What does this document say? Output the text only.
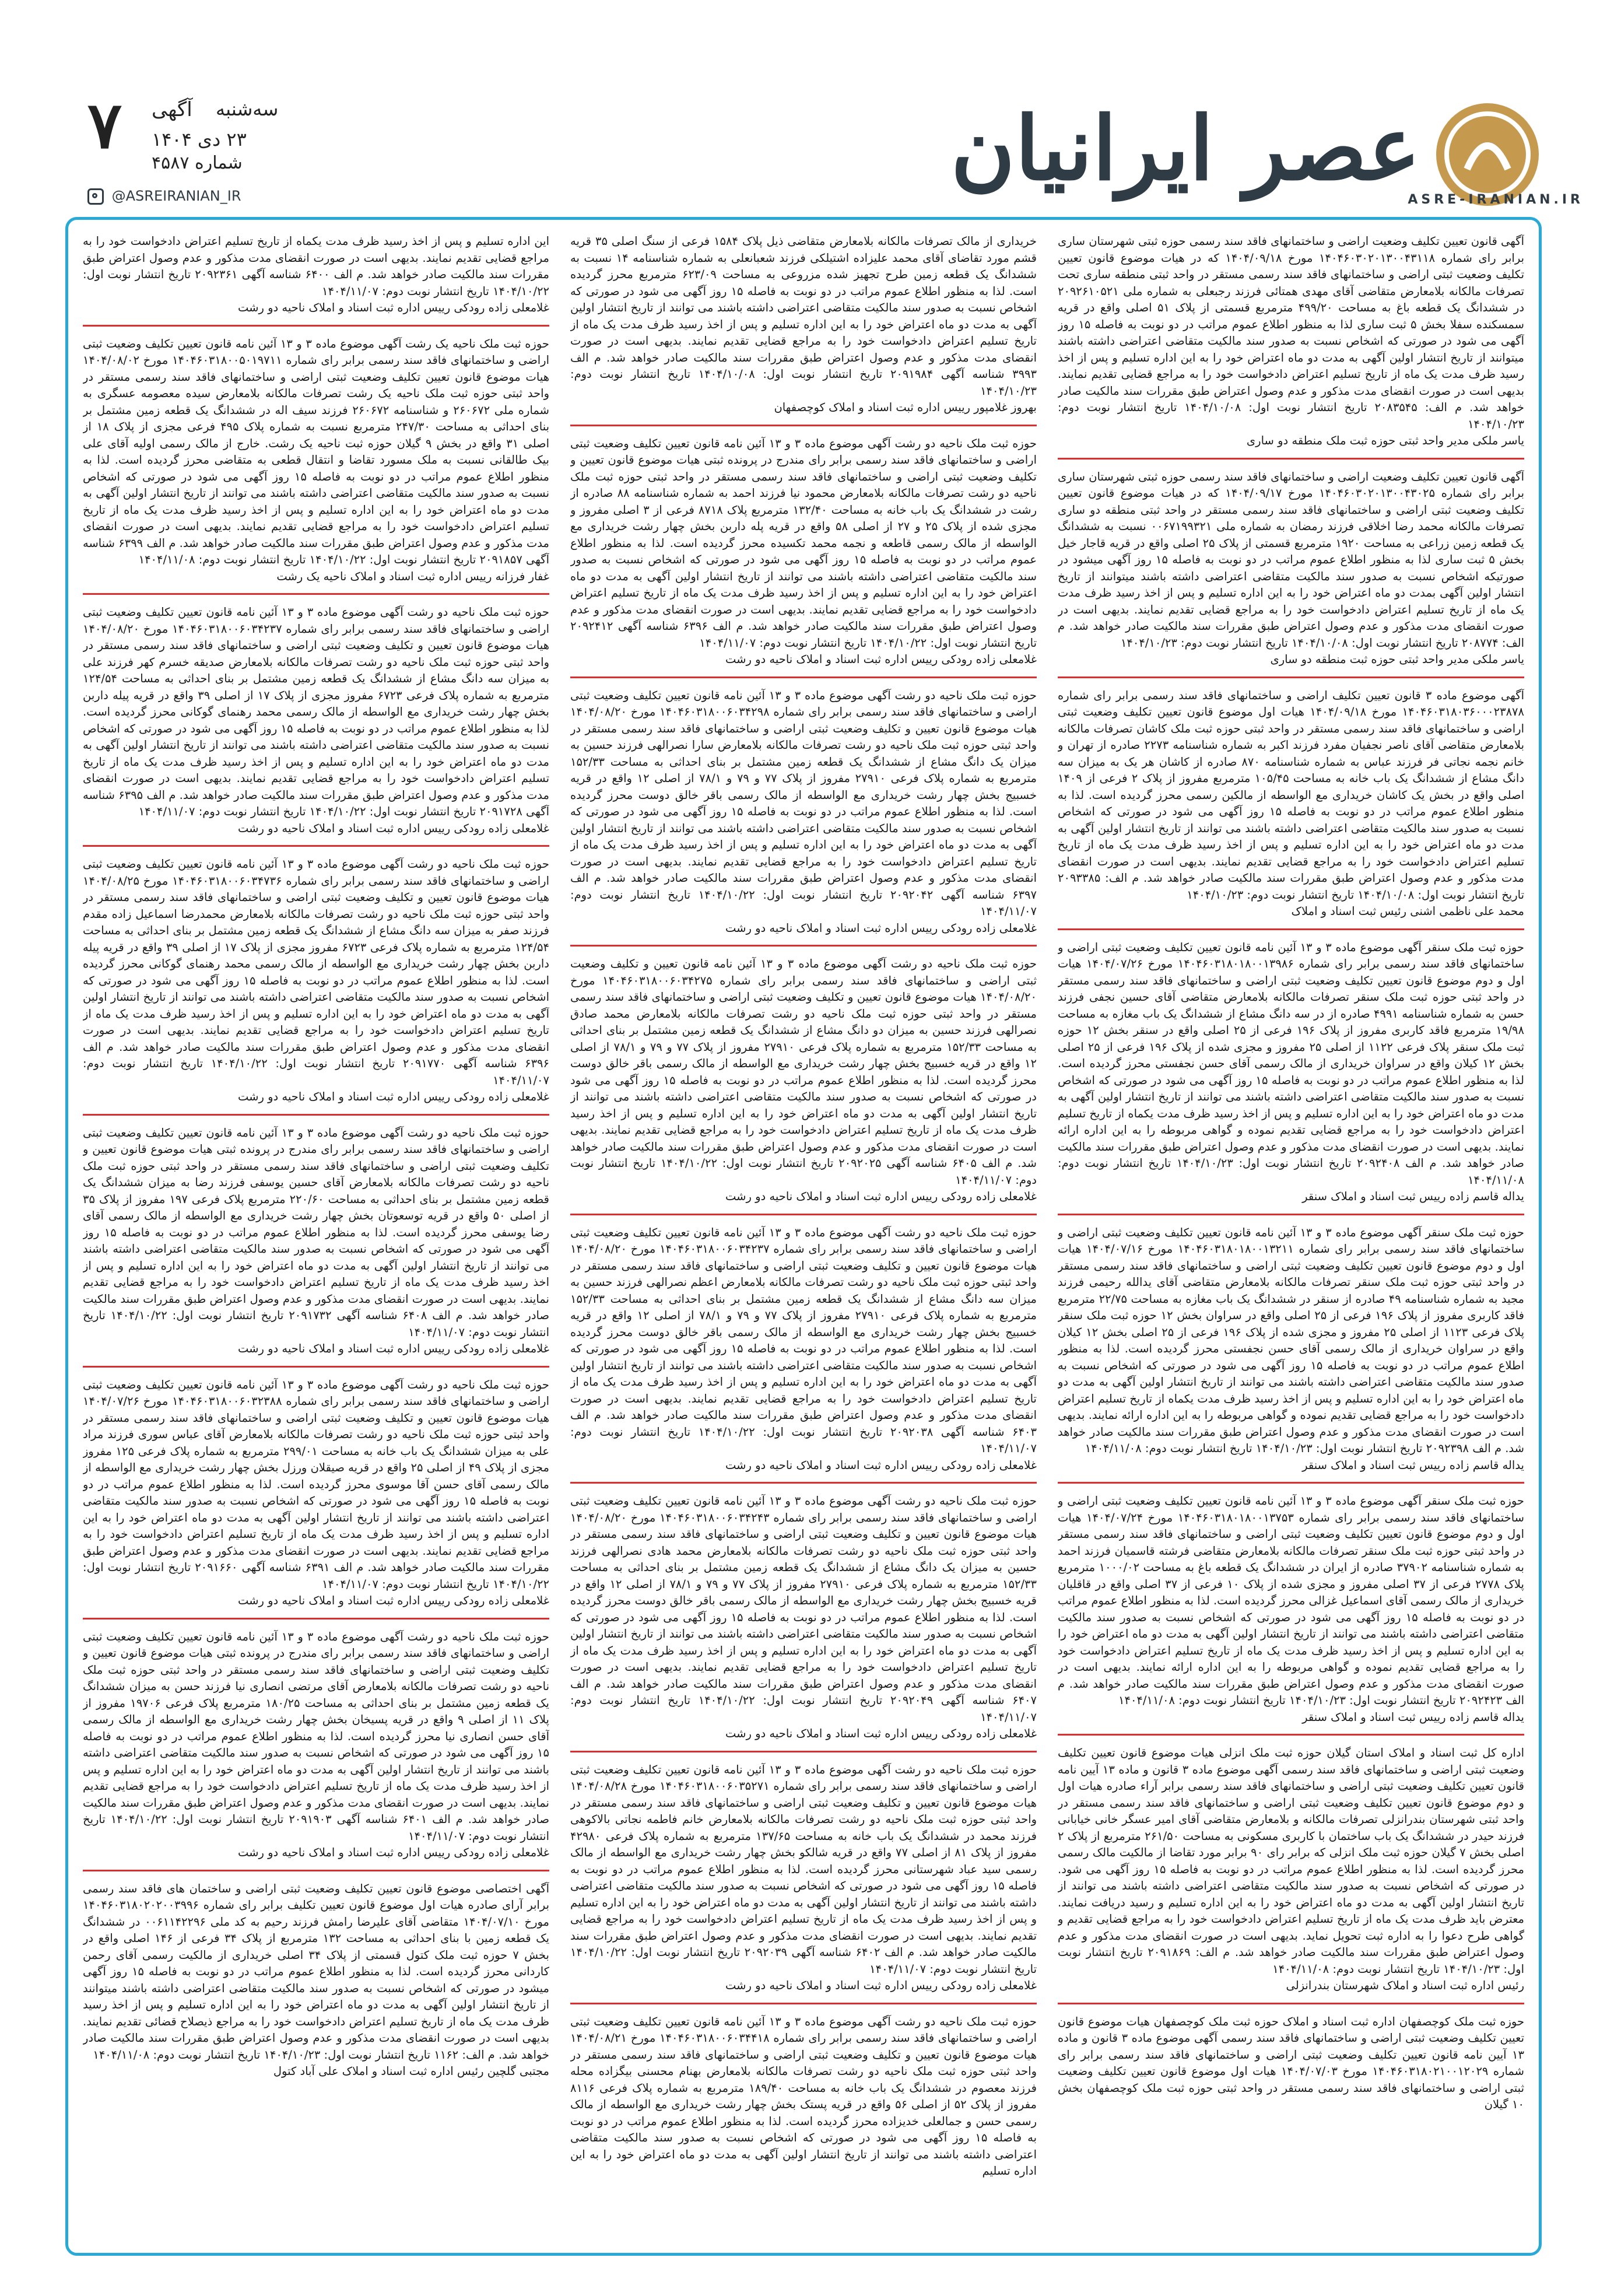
عصر ایرانیان
ASRE-IRANIAN.IR
@ASREIRANIAN_IR
۷ آگهی سه‌شنبه
۲۳ دی ۱۴۰۴
شماره ۴۵۸۷

آگهی قانون تعیین تکلیف وضعیت اراضی و ساختمانهای فاقد سند رسمی حوزه ثبتی شهرستان ساری برابر رای شماره ۱۴۰۴۶۰۳۰۲۰۱۳۰۰۴۳۱۱۸ مورخ ۱۴۰۴/۰۹/۱۸ که در هیات موضوع قانون تعیین تکلیف وضعیت ثبتی اراضی و ساختمانهای فاقد سند رسمی مستقر در واحد ثبتی منطقه ساری تحت تصرفات مالکانه بلامعارض متقاضی آقای مهدی همتائی فرزند رجبعلی به شماره ملی ۲۰۹۲۶۱۰۵۲۱ در ششدانگ یک قطعه باغ به مساحت ۴۹۹/۲۰ مترمربع قسمتی از پلاک ۵۱ اصلی واقع در قریه سمسکنده سفلا بخش ۵ ثبت ساری لذا به منظور اطلاع عموم مراتب در دو نوبت به فاصله ۱۵ روز آگهی می شود در صورتی که اشخاص نسبت به صدور سند مالکیت متقاضی اعتراضی داشته باشند میتوانند از تاریخ انتشار اولین آگهی به مدت دو ماه اعتراض خود را به این اداره تسلیم و پس از اخذ رسید ظرف مدت یک ماه از تاریخ تسلیم اعتراض دادخواست خود را به مراجع قضایی تقدیم نمایند. بدیهی است در صورت انقضای مدت مذکور و عدم وصول اعتراض طبق مقررات سند مالکیت صادر خواهد شد. م الف: ۲۰۸۳۵۴۵ تاریخ انتشار نوبت اول: ۱۴۰۴/۱۰/۰۸ تاریخ انتشار نوبت دوم: ۱۴۰۴/۱۰/۲۳

یاسر ملکی مدیر واحد ثبتی حوزه ثبت ملک منطقه دو ساری

آگهی قانون تعیین تکلیف وضعیت اراضی و ساختمانهای فاقد سند رسمی حوزه ثبتی شهرستان ساری برابر رای شماره ۱۴۰۴۶۰۳۰۲۰۱۳۰۰۴۳۰۲۵ مورخ ۱۴۰۴/۰۹/۱۷ که در هیات موضوع قانون تعیین تکلیف وضعیت ثبتی اراضی و ساختمانهای فاقد سند رسمی مستقر در واحد ثبتی منطقه دو ساری تصرفات مالکانه محمد رضا اخلاقی فرزند رمضان به شماره ملی ۰۰۶۷۱۹۹۳۲۱ نسبت به ششدانگ یک قطعه زمین زراعی به مساحت ۱۹۲۰ مترمربع قسمتی از پلاک ۲۵ اصلی واقع در قریه قاجار خیل بخش ۵ ثبت ساری لذا به منظور اطلاع عموم مراتب در دو نوبت به فاصله ۱۵ روز آگهی میشود در صورتیکه اشخاص نسبت به صدور سند مالکیت متقاضی اعتراضی داشته باشند میتوانند از تاریخ انتشار اولین آگهی بمدت دو ماه اعتراض خود را به این اداره تسلیم و پس از اخذ رسید ظرف مدت یک ماه از تاریخ تسلیم اعتراض دادخواست خود را به مراجع قضایی تقدیم نمایند. بدیهی است در صورت انقضای مدت مذکور و عدم وصول اعتراض طبق مقررات سند مالکیت صادر خواهد شد. م الف: ۲۰۸۷۷۴ تاریخ انتشار نوبت اول: ۱۴۰۴/۱۰/۰۸ تاریخ انتشار نوبت دوم: ۱۴۰۴/۱۰/۲۳

یاسر ملکی مدیر واحد ثبتی حوزه ثبت منطقه دو ساری

آگهی موضوع ماده ۳ قانون تعیین تکلیف اراضی و ساختمانهای فاقد سند رسمی برابر رای شماره ۱۴۰۴۶۰۳۱۸۰۳۶۰۰۰۲۳۸۷۸ مورخ ۱۴۰۴/۰۹/۱۸ هیات اول موضوع قانون تعیین تکلیف وضعیت ثبتی اراضی و ساختمانهای فاقد سند رسمی مستقر در واحد ثبتی حوزه ثبت ملک کاشان تصرفات مالکانه بلامعارض متقاضی آقای ناصر نجفیان مفرد فرزند اکبر به شماره شناسنامه ۲۲۷۳ صادره از تهران و خانم نجمه نجاتی فر فرزند عباس به شماره شناسنامه ۸۷۰ صادره از کاشان هر یک به میزان سه دانگ مشاع از ششدانگ یک باب خانه به مساحت ۱۰۵/۴۵ مترمربع مفروز از پلاک ۲ فرعی از ۱۴۰۹ اصلی واقع در بخش یک کاشان خریداری مع الواسطه از مالکین رسمی محرز گردیده است. لذا به منظور اطلاع عموم مراتب در دو نوبت به فاصله ۱۵ روز آگهی می شود در صورتی که اشخاص نسبت به صدور سند مالکیت متقاضی اعتراضی داشته باشند می توانند از تاریخ انتشار اولین آگهی به مدت دو ماه اعتراض خود را به این اداره تسلیم و پس از اخذ رسید ظرف مدت یک ماه از تاریخ تسلیم اعتراض دادخواست خود را به مراجع قضایی تقدیم نمایند. بدیهی است در صورت انقضای مدت مذکور و عدم وصول اعتراض طبق مقررات سند مالکیت صادر خواهد شد. م الف: ۲۰۹۳۳۸۵ تاریخ انتشار نوبت اول: ۱۴۰۴/۱۰/۰۸ تاریخ انتشار نوبت دوم: ۱۴۰۴/۱۰/۲۳

محمد علی ناظمی اشنی رئیس ثبت اسناد و املاک

حوزه ثبت ملک سنقر آگهی موضوع ماده ۳ و ۱۳ آئین نامه قانون تعیین تکلیف وضعیت ثبتی اراضی و ساختمانهای فاقد سند رسمی برابر رای شماره ۱۴۰۴۶۰۳۱۸۰۱۸۰۰۱۳۹۸۶ مورخ ۱۴۰۴/۰۷/۲۶ هیات اول و دوم موضوع قانون تعیین تکلیف وضعیت ثبتی اراضی و ساختمانهای فاقد سند رسمی مستقر در واحد ثبتی حوزه ثبت ملک سنقر تصرفات مالکانه بلامعارض متقاضی آقای حسین نجفی فرزند حسن به شماره شناسنامه ۴۹۹۱ صادره از در سه دانگ مشاع از ششدانگ یک باب مغازه به مساحت ۱۹/۹۸ مترمربع فاقد کاربری مفروز از پلاک ۱۹۶ فرعی از ۲۵ اصلی واقع در سنقر بخش ۱۲ حوزه ثبت ملک سنقر پلاک فرعی ۱۱۲۲ از اصلی ۲۵ مفروز و مجزی شده از پلاک ۱۹۶ فرعی از ۲۵ اصلی بخش ۱۲ کیلان واقع در سراوان خریداری از مالک رسمی آقای حسن نجفستی محرز گردیده است. لذا به منظور اطلاع عموم مراتب در دو نوبت به فاصله ۱۵ روز آگهی می شود در صورتی که اشخاص نسبت به صدور سند مالکیت متقاضی اعتراضی داشته باشند می توانند از تاریخ انتشار اولین آگهی به مدت دو ماه اعتراض خود را به این اداره تسلیم و پس از اخذ رسید ظرف مدت یکماه از تاریخ تسلیم اعتراض دادخواست خود را به مراجع قضایی تقدیم نموده و گواهی مربوطه را به این اداره ارائه نمایند. بدیهی است در صورت انقضای مدت مذکور و عدم وصول اعتراض طبق مقررات سند مالکیت صادر خواهد شد. م الف ۲۰۹۲۴۰۸ تاریخ انتشار نوبت اول: ۱۴۰۴/۱۰/۲۳ تاریخ انتشار نوبت دوم: ۱۴۰۴/۱۱/۰۸

یداله قاسم زاده رییس ثبت اسناد و املاک سنقر

حوزه ثبت ملک سنقر آگهی موضوع ماده ۳ و ۱۳ آئین نامه قانون تعیین تکلیف وضعیت ثبتی اراضی و ساختمانهای فاقد سند رسمی برابر رای شماره ۱۴۰۴۶۰۳۱۸۰۱۸۰۰۱۳۲۱۱ مورخ ۱۴۰۴/۰۷/۱۶ هیات اول و دوم موضوع قانون تعیین تکلیف وضعیت ثبتی اراضی و ساختمانهای فاقد سند رسمی مستقر در واحد ثبتی حوزه ثبت ملک سنقر تصرفات مالکانه بلامعارض متقاضی آقای یدالله رحیمی فرزند مجید به شماره شناسنامه ۴۹ صادره از سنقر در ششدانگ یک باب مغازه به مساحت ۲۲/۷۵ مترمربع فاقد کاربری مفروز از پلاک ۱۹۶ فرعی از ۲۵ اصلی واقع در سراوان بخش ۱۲ حوزه ثبت ملک سنقر پلاک فرعی ۱۱۲۳ از اصلی ۲۵ مفروز و مجزی شده از پلاک ۱۹۶ فرعی از ۲۵ اصلی بخش ۱۲ کیلان واقع در سراوان خریداری از مالک رسمی آقای حسن نجفستی محرز گردیده است. لذا به منظور اطلاع عموم مراتب در دو نوبت به فاصله ۱۵ روز آگهی می شود در صورتی که اشخاص نسبت به صدور سند مالکیت متقاضی اعتراضی داشته باشند می توانند از تاریخ انتشار اولین آگهی به مدت دو ماه اعتراض خود را به این اداره تسلیم و پس از اخذ رسید ظرف مدت یکماه از تاریخ تسلیم اعتراض دادخواست خود را به مراجع قضایی تقدیم نموده و گواهی مربوطه را به این اداره ارائه نمایند. بدیهی است در صورت انقضای مدت مذکور و عدم وصول اعتراض طبق مقررات سند مالکیت صادر خواهد شد. م الف ۲۰۹۲۳۹۸ تاریخ انتشار نوبت اول: ۱۴۰۴/۱۰/۲۳ تاریخ انتشار نوبت دوم: ۱۴۰۴/۱۱/۰۸

یداله قاسم زاده رییس ثبت اسناد و املاک سنقر

حوزه ثبت ملک سنقر آگهی موضوع ماده ۳ و ۱۳ آئین نامه قانون تعیین تکلیف وضعیت ثبتی اراضی و ساختمانهای فاقد سند رسمی برابر رای شماره ۱۴۰۴۶۰۳۱۸۰۱۸۰۰۱۳۷۵۳ مورخ ۱۴۰۴/۰۷/۲۴ هیات اول و دوم موضوع قانون تعیین تکلیف وضعیت ثبتی اراضی و ساختمانهای فاقد سند رسمی مستقر در واحد ثبتی حوزه ثبت ملک سنقر تصرفات مالکانه بلامعارض متقاضی فرشته قاسمیان فرزند احمد به شماره شناسنامه ۳۷۹۰۲ صادره از ایران در ششدانگ یک قطعه باغ به مساحت ۱۰۰۰/۰۲ مترمربع پلاک ۲۷۷۸ فرعی از ۳۷ اصلی مفروز و مجزی شده از پلاک ۱۰ فرعی از ۳۷ اصلی واقع در قاقلیان خریداری از مالک رسمی آقای اسماعیل غزالی محرز گردیده است. لذا به منظور اطلاع عموم مراتب در دو نوبت به فاصله ۱۵ روز آگهی می شود در صورتی که اشخاص نسبت به صدور سند مالکیت متقاضی اعتراضی داشته باشند می توانند از تاریخ انتشار اولین آگهی به مدت دو ماه اعتراض خود را به این اداره تسلیم و پس از اخذ رسید ظرف مدت یک ماه از تاریخ تسلیم اعتراض دادخواست خود را به مراجع قضایی تقدیم نموده و گواهی مربوطه را به این اداره ارائه نمایند. بدیهی است در صورت انقضای مدت مذکور و عدم وصول اعتراض طبق مقررات سند مالکیت صادر خواهد شد. م الف ۲۰۹۲۴۲۳ تاریخ انتشار نوبت اول: ۱۴۰۴/۱۰/۲۳ تاریخ انتشار نوبت دوم: ۱۴۰۴/۱۱/۰۸

یداله قاسم زاده رییس ثبت اسناد و املاک سنقر

اداره کل ثبت اسناد و املاک استان گیلان حوزه ثبت ملک انزلی هیات موضوع قانون تعیین تکلیف وضعیت ثبتی اراضی و ساختمانهای فاقد سند رسمی آگهی موضوع ماده ۳ قانون و ماده ۱۳ آیین نامه قانون تعیین تکلیف وضعیت ثبتی اراضی و ساختمانهای فاقد سند رسمی برابر آراء صادره هیات اول و دوم موضوع قانون تعیین تکلیف وضعیت ثبتی اراضی و ساختمانهای فاقد سند رسمی مستقر در واحد ثبتی شهرستان بندرانزلی تصرفات مالکانه و بلامعارض متقاضی آقای امیر عسگر خانی خیابانی فرزند حیدر در ششدانگ یک باب ساختمان با کاربری مسکونی به مساحت ۲۶۱/۵۰ مترمربع از پلاک ۲ اصلی بخش ۷ گیلان حوزه ثبت ملک انزلی که برابر رای ۹۰ برابر مورد تقاضا از مالکیت مالک رسمی محرز گردیده است. لذا به منظور اطلاع عموم مراتب در دو نوبت به فاصله ۱۵ روز آگهی می شود. در صورتی که اشخاص نسبت به صدور سند مالکیت متقاضی اعتراضی داشته باشند می توانند از تاریخ انتشار اولین آگهی به مدت دو ماه اعتراض خود را به این اداره تسلیم و رسید دریافت نمایند. معترض باید ظرف مدت یک ماه از تاریخ تسلیم اعتراض دادخواست خود را به مراجع قضایی تقدیم و گواهی طرح دعوا را به اداره ثبت تحویل نماید. بدیهی است در صورت انقضای مدت مذکور و عدم وصول اعتراض طبق مقررات سند مالکیت صادر خواهد شد. م الف: ۲۰۹۱۸۶۹ تاریخ انتشار نوبت اول: ۱۴۰۴/۱۰/۲۳ تاریخ انتشار نوبت دوم: ۱۴۰۴/۱۱/۰۸

رئیس اداره ثبت اسناد و املاک شهرستان بندرانزلی

حوزه ثبت ملک کوچصفهان اداره ثبت اسناد و املاک حوزه ثبت ملک کوچصفهان هیات موضوع قانون تعیین تکلیف وضعیت ثبتی اراضی و ساختمانهای فاقد سند رسمی آگهی موضوع ماده ۳ قانون و ماده ۱۳ آیین نامه قانون تعیین تکلیف وضعیت ثبتی اراضی و ساختمانهای فاقد سند رسمی برابر رای شماره ۱۴۰۴۶۰۳۱۸۰۲۱۰۰۱۲۰۲۹ مورخ ۱۴۰۴/۰۷/۰۳ هیات اول موضوع قانون تعیین تکلیف وضعیت ثبتی اراضی و ساختمانهای فاقد سند رسمی مستقر در واحد ثبتی حوزه ثبت ملک کوچصفهان بخش ۱۰ گیلان

خریداری از مالک تصرفات مالکانه بلامعارض متقاضی ذیل پلاک ۱۵۸۴ فرعی از سنگ اصلی ۳۵ قریه قشم مورد تقاضای آقای محمد علیزاده اشتیلکی فرزند شعبانعلی به شماره شناسنامه ۱۴ نسبت به ششدانگ یک قطعه زمین طرح تجهیز شده مزروعی به مساحت ۶۲۳/۰۹ مترمربع محرز گردیده است. لذا به منظور اطلاع عموم مراتب در دو نوبت به فاصله ۱۵ روز آگهی می شود در صورتی که اشخاص نسبت به صدور سند مالکیت متقاضی اعتراضی داشته باشند می توانند از تاریخ انتشار اولین آگهی به مدت دو ماه اعتراض خود را به این اداره تسلیم و پس از اخذ رسید ظرف مدت یک ماه از تاریخ تسلیم اعتراض دادخواست خود را به مراجع قضایی تقدیم نمایند. بدیهی است در صورت انقضای مدت مذکور و عدم وصول اعتراض طبق مقررات سند مالکیت صادر خواهد شد. م الف ۳۹۹۳ شناسه آگهی ۲۰۹۱۹۸۴ تاریخ انتشار نوبت اول: ۱۴۰۴/۱۰/۰۸ تاریخ انتشار نوبت دوم: ۱۴۰۴/۱۰/۲۳

بهروز غلامپور رییس اداره ثبت اسناد و املاک کوچصفهان

حوزه ثبت ملک ناحیه دو رشت آگهی موضوع ماده ۳ و ۱۳ آئین نامه قانون تعیین تکلیف وضعیت ثبتی اراضی و ساختمانهای فاقد سند رسمی برابر رای مندرج در پرونده ثبتی هیات موضوع قانون تعیین و تکلیف وضعیت ثبتی اراضی و ساختمانهای فاقد سند رسمی مستقر در واحد ثبتی حوزه ثبت ملک ناحیه دو رشت تصرفات مالکانه بلامعارض محمود نیا فرزند احمد به شماره شناسنامه ۸۸ صادره از رشت در ششدانگ یک باب خانه به مساحت ۱۳۲/۴۰ مترمربع پلاک ۸۷۱۸ فرعی از ۳ اصلی مفروز و مجزی شده از پلاک ۲۵ و ۲۷ از اصلی ۵۸ واقع در قریه پله داربن بخش چهار رشت خریداری مع الواسطه از مالک رسمی قاطعه و نجمه محمد تکسیده محرز گردیده است. لذا به منظور اطلاع عموم مراتب در دو نوبت به فاصله ۱۵ روز آگهی می شود در صورتی که اشخاص نسبت به صدور سند مالکیت متقاضی اعتراضی داشته باشند می توانند از تاریخ انتشار اولین آگهی به مدت دو ماه اعتراض خود را به این اداره تسلیم و پس از اخذ رسید ظرف مدت یک ماه از تاریخ تسلیم اعتراض دادخواست خود را به مراجع قضایی تقدیم نمایند. بدیهی است در صورت انقضای مدت مذکور و عدم وصول اعتراض طبق مقررات سند مالکیت صادر خواهد شد. م الف ۶۳۹۶ شناسه آگهی ۲۰۹۲۴۱۲ تاریخ انتشار نوبت اول: ۱۴۰۴/۱۰/۲۲ تاریخ انتشار نوبت دوم: ۱۴۰۴/۱۱/۰۷

غلامعلی زاده رودکی رییس اداره ثبت اسناد و املاک ناحیه دو رشت

حوزه ثبت ملک ناحیه دو رشت آگهی موضوع ماده ۳ و ۱۳ آئین نامه قانون تعیین تکلیف وضعیت ثبتی اراضی و ساختمانهای فاقد سند رسمی برابر رای شماره ۱۴۰۴۶۰۳۱۸۰۰۶۰۳۴۲۹۸ مورخ ۱۴۰۴/۰۸/۲۰ هیات موضوع قانون تعیین و تکلیف وضعیت ثبتی اراضی و ساختمانهای فاقد سند رسمی مستقر در واحد ثبتی حوزه ثبت ملک ناحیه دو رشت تصرفات مالکانه بلامعارض سارا نصرالهی فرزند حسین به میزان یک دانگ مشاع از ششدانگ یک قطعه زمین مشتمل بر بنای احداثی به مساحت ۱۵۲/۳۳ مترمربع به شماره پلاک فرعی ۲۷۹۱۰ مفروز از پلاک ۷۷ و ۷۹ و ۷۸/۱ از اصلی ۱۲ واقع در قریه خسبیج بخش چهار رشت خریداری مع الواسطه از مالک رسمی باقر خالق دوست محرز گردیده است. لذا به منظور اطلاع عموم مراتب در دو نوبت به فاصله ۱۵ روز آگهی می شود در صورتی که اشخاص نسبت به صدور سند مالکیت متقاضی اعتراضی داشته باشند می توانند از تاریخ انتشار اولین آگهی به مدت دو ماه اعتراض خود را به این اداره تسلیم و پس از اخذ رسید ظرف مدت یک ماه از تاریخ تسلیم اعتراض دادخواست خود را به مراجع قضایی تقدیم نمایند. بدیهی است در صورت انقضای مدت مذکور و عدم وصول اعتراض طبق مقررات سند مالکیت صادر خواهد شد. م الف ۶۳۹۷ شناسه آگهی ۲۰۹۲۰۴۲ تاریخ انتشار نوبت اول: ۱۴۰۴/۱۰/۲۲ تاریخ انتشار نوبت دوم: ۱۴۰۴/۱۱/۰۷

غلامعلی زاده رودکی رییس اداره ثبت اسناد و املاک ناحیه دو رشت

حوزه ثبت ملک ناحیه دو رشت آگهی موضوع ماده ۳ و ۱۳ آئین نامه قانون تعیین و تکلیف وضعیت ثبتی اراضی و ساختمانهای فاقد سند رسمی برابر رای شماره ۱۴۰۴۶۰۳۱۸۰۰۶۰۳۴۲۷۵ مورخ ۱۴۰۴/۰۸/۲۰ هیات موضوع قانون تعیین و تکلیف وضعیت ثبتی اراضی و ساختمانهای فاقد سند رسمی مستقر در واحد ثبتی حوزه ثبت ملک ناحیه دو رشت تصرفات مالکانه بلامعارض محمد صادق نصرالهی فرزند حسین به میزان دو دانگ مشاع از ششدانگ یک قطعه زمین مشتمل بر بنای احداثی به مساحت ۱۵۲/۳۳ مترمربع به شماره پلاک فرعی ۲۷۹۱۰ مفروز از پلاک ۷۷ و ۷۹ و ۷۸/۱ از اصلی ۱۲ واقع در قریه خسبیج بخش چهار رشت خریداری مع الواسطه از مالک رسمی باقر خالق دوست محرز گردیده است. لذا به منظور اطلاع عموم مراتب در دو نوبت به فاصله ۱۵ روز آگهی می شود در صورتی که اشخاص نسبت به صدور سند مالکیت متقاضی اعتراضی داشته باشند می توانند از تاریخ انتشار اولین آگهی به مدت دو ماه اعتراض خود را به این اداره تسلیم و پس از اخذ رسید ظرف مدت یک ماه از تاریخ تسلیم اعتراض دادخواست خود را به مراجع قضایی تقدیم نمایند. بدیهی است در صورت انقضای مدت مذکور و عدم وصول اعتراض طبق مقررات سند مالکیت صادر خواهد شد. م الف ۶۴۰۵ شناسه آگهی ۲۰۹۲۰۲۵ تاریخ انتشار نوبت اول: ۱۴۰۴/۱۰/۲۲ تاریخ انتشار نوبت دوم: ۱۴۰۴/۱۱/۰۷

غلامعلی زاده رودکی رییس اداره ثبت اسناد و املاک ناحیه دو رشت

حوزه ثبت ملک ناحیه دو رشت آگهی موضوع ماده ۳ و ۱۳ آئین نامه قانون تعیین تکلیف وضعیت ثبتی اراضی و ساختمانهای فاقد سند رسمی برابر رای شماره ۱۴۰۴۶۰۳۱۸۰۰۶۰۳۴۲۳۷ مورخ ۱۴۰۴/۰۸/۲۰ هیات موضوع قانون تعیین و تکلیف وضعیت ثبتی اراضی و ساختمانهای فاقد سند رسمی مستقر در واحد ثبتی حوزه ثبت ملک ناحیه دو رشت تصرفات مالکانه بلامعارض اعظم نصرالهی فرزند حسین به میزان سه دانگ مشاع از ششدانگ یک قطعه زمین مشتمل بر بنای احداثی به مساحت ۱۵۲/۳۳ مترمربع به شماره پلاک فرعی ۲۷۹۱۰ مفروز از پلاک ۷۷ و ۷۹ و ۷۸/۱ از اصلی ۱۲ واقع در قریه خسبیج بخش چهار رشت خریداری مع الواسطه از مالک رسمی باقر خالق دوست محرز گردیده است. لذا به منظور اطلاع عموم مراتب در دو نوبت به فاصله ۱۵ روز آگهی می شود در صورتی که اشخاص نسبت به صدور سند مالکیت متقاضی اعتراضی داشته باشند می توانند از تاریخ انتشار اولین آگهی به مدت دو ماه اعتراض خود را به این اداره تسلیم و پس از اخذ رسید ظرف مدت یک ماه از تاریخ تسلیم اعتراض دادخواست خود را به مراجع قضایی تقدیم نمایند. بدیهی است در صورت انقضای مدت مذکور و عدم وصول اعتراض طبق مقررات سند مالکیت صادر خواهد شد. م الف ۶۴۰۳ شناسه آگهی ۲۰۹۲۰۳۸ تاریخ انتشار نوبت اول: ۱۴۰۴/۱۰/۲۲ تاریخ انتشار نوبت دوم: ۱۴۰۴/۱۱/۰۷

غلامعلی زاده رودکی رییس اداره ثبت اسناد و املاک ناحیه دو رشت

حوزه ثبت ملک ناحیه دو رشت آگهی موضوع ماده ۳ و ۱۳ آئین نامه قانون تعیین تکلیف وضعیت ثبتی اراضی و ساختمانهای فاقد سند رسمی برابر رای شماره ۱۴۰۴۶۰۳۱۸۰۰۶۰۳۴۲۴۳ مورخ ۱۴۰۴/۰۸/۲۰ هیات موضوع قانون تعیین و تکلیف وضعیت ثبتی اراضی و ساختمانهای فاقد سند رسمی مستقر در واحد ثبتی حوزه ثبت ملک ناحیه دو رشت تصرفات مالکانه بلامعارض محمد هادی نصرالهی فرزند حسین به میزان یک دانگ مشاع از ششدانگ یک قطعه زمین مشتمل بر بنای احداثی به مساحت ۱۵۲/۳۳ مترمربع به شماره پلاک فرعی ۲۷۹۱۰ مفروز از پلاک ۷۷ و ۷۹ و ۷۸/۱ از اصلی ۱۲ واقع در قریه خسبیج بخش چهار رشت خریداری مع الواسطه از مالک رسمی باقر خالق دوست محرز گردیده است. لذا به منظور اطلاع عموم مراتب در دو نوبت به فاصله ۱۵ روز آگهی می شود در صورتی که اشخاص نسبت به صدور سند مالکیت متقاضی اعتراضی داشته باشند می توانند از تاریخ انتشار اولین آگهی به مدت دو ماه اعتراض خود را به این اداره تسلیم و پس از اخذ رسید ظرف مدت یک ماه از تاریخ تسلیم اعتراض دادخواست خود را به مراجع قضایی تقدیم نمایند. بدیهی است در صورت انقضای مدت مذکور و عدم وصول اعتراض طبق مقررات سند مالکیت صادر خواهد شد. م الف ۶۴۰۷ شناسه آگهی ۲۰۹۲۰۴۹ تاریخ انتشار نوبت اول: ۱۴۰۴/۱۰/۲۲ تاریخ انتشار نوبت دوم: ۱۴۰۴/۱۱/۰۷

غلامعلی زاده رودکی رییس اداره ثبت اسناد و املاک ناحیه دو رشت

حوزه ثبت ملک ناحیه دو رشت آگهی موضوع ماده ۳ و ۱۳ آئین نامه قانون تعیین تکلیف وضعیت ثبتی اراضی و ساختمانهای فاقد سند رسمی برابر رای شماره ۱۴۰۴۶۰۳۱۸۰۰۶۰۳۵۲۷۱ مورخ ۱۴۰۴/۰۸/۲۸ هیات موضوع قانون تعیین و تکلیف وضعیت ثبتی اراضی و ساختمانهای فاقد سند رسمی مستقر در واحد ثبتی حوزه ثبت ملک ناحیه دو رشت تصرفات مالکانه بلامعارض خانم فاطمه نجاتی بالاکوهی فرزند محمد در ششدانگ یک باب خانه به مساحت ۱۳۷/۶۵ مترمربع به شماره پلاک فرعی ۴۲۹۸۰ مفروز از پلاک ۸۱ از اصلی ۷۷ واقع در قریه شالکو بخش چهار رشت خریداری مع الواسطه از مالک رسمی سید عباد شهرستانی محرز گردیده است. لذا به منظور اطلاع عموم مراتب در دو نوبت به فاصله ۱۵ روز آگهی می شود در صورتی که اشخاص نسبت به صدور سند مالکیت متقاضی اعتراضی داشته باشند می توانند از تاریخ انتشار اولین آگهی به مدت دو ماه اعتراض خود را به این اداره تسلیم و پس از اخذ رسید ظرف مدت یک ماه از تاریخ تسلیم اعتراض دادخواست خود را به مراجع قضایی تقدیم نمایند. بدیهی است در صورت انقضای مدت مذکور و عدم وصول اعتراض طبق مقررات سند مالکیت صادر خواهد شد. م الف ۶۴۰۲ شناسه آگهی ۲۰۹۲۰۳۹ تاریخ انتشار نوبت اول: ۱۴۰۴/۱۰/۲۲ تاریخ انتشار نوبت دوم: ۱۴۰۴/۱۱/۰۷

غلامعلی زاده رودکی رییس اداره ثبت اسناد و املاک ناحیه دو رشت

حوزه ثبت ملک ناحیه دو رشت آگهی موضوع ماده ۳ و ۱۳ آئین نامه قانون تعیین تکلیف وضعیت ثبتی اراضی و ساختمانهای فاقد سند رسمی برابر رای شماره ۱۴۰۴۶۰۳۱۸۰۰۶۰۳۴۴۱۸ مورخ ۱۴۰۴/۰۸/۲۱ هیات موضوع قانون تعیین و تکلیف وضعیت ثبتی اراضی و ساختمانهای فاقد سند رسمی مستقر در واحد ثبتی حوزه ثبت ملک ناحیه دو رشت تصرفات مالکانه بلامعارض بهنام محسنی بیگزاده محله فرزند معصوم در ششدانگ یک باب خانه به مساحت ۱۸۹/۴۰ مترمربع به شماره پلاک فرعی ۸۱۱۶ مفروز از پلاک ۵۲ از اصلی ۵۶ واقع در قریه پستک بخش چهار رشت خریداری مع الواسطه از مالک رسمی حسن و جمالعلی خدیزاده محرز گردیده است. لذا به منظور اطلاع عموم مراتب در دو نوبت به فاصله ۱۵ روز آگهی می شود در صورتی که اشخاص نسبت به صدور سند مالکیت متقاضی اعتراضی داشته باشند می توانند از تاریخ انتشار اولین آگهی به مدت دو ماه اعتراض خود را به این اداره تسلیم

این اداره تسلیم و پس از اخذ رسید ظرف مدت یکماه از تاریخ تسلیم اعتراض دادخواست خود را به مراجع قضایی تقدیم نمایند. بدیهی است در صورت انقضای مدت مذکور و عدم وصول اعتراض طبق مقررات سند مالکیت صادر خواهد شد. م الف ۶۴۰۰ شناسه آگهی ۲۰۹۲۳۶۱ تاریخ انتشار نوبت اول: ۱۴۰۴/۱۰/۲۲ تاریخ انتشار نوبت دوم: ۱۴۰۴/۱۱/۰۷

غلامعلی زاده رودکی رییس اداره ثبت اسناد و املاک ناحیه دو رشت

حوزه ثبت ملک ناحیه یک رشت آگهی موضوع ماده ۳ و ۱۳ آئین نامه قانون تعیین تکلیف وضعیت ثبتی اراضی و ساختمانهای فاقد سند رسمی برابر رای شماره ۱۴۰۴۶۰۳۱۸۰۰۵۰۱۹۷۱۱ مورخ ۱۴۰۴/۰۸/۰۲ هیات موضوع قانون تعیین تکلیف وضعیت ثبتی اراضی و ساختمانهای فاقد سند رسمی مستقر در واحد ثبتی حوزه ثبت ملک ناحیه یک رشت تصرفات مالکانه بلامعارض سیده معصومه عسگری به شماره ملی ۲۶۰۶۷۲ و شناسنامه ۲۶۰۶۷۲ فرزند سیف اله در ششدانگ یک قطعه زمین مشتمل بر بنای احداثی به مساحت ۲۴۷/۳۰ مترمربع نسبت به شماره پلاک ۴۹۵ فرعی مجزی از پلاک ۱۸ از اصلی ۳۱ واقع در بخش ۹ گیلان حوزه ثبت ناحیه یک رشت. خارج از مالک رسمی اولیه آقای علی بیک طالقانی نسبت به ملک مسورد تقاضا و انتقال قطعی به متقاضی محرز گردیده است. لذا به منظور اطلاع عموم مراتب در دو نوبت به فاصله ۱۵ روز آگهی می شود در صورتی که اشخاص نسبت به صدور سند مالکیت متقاضی اعتراضی داشته باشند می توانند از تاریخ انتشار اولین آگهی به مدت دو ماه اعتراض خود را به این اداره تسلیم و پس از اخذ رسید ظرف مدت یک ماه از تاریخ تسلیم اعتراض دادخواست خود را به مراجع قضایی تقدیم نمایند. بدیهی است در صورت انقضای مدت مذکور و عدم وصول اعتراض طبق مقررات سند مالکیت صادر خواهد شد. م الف ۶۳۹۹ شناسه آگهی ۲۰۹۱۸۵۷ تاریخ انتشار نوبت اول: ۱۴۰۴/۱۰/۲۲ تاریخ انتشار نوبت دوم: ۱۴۰۴/۱۱/۰۸

غفار فرزانه رییس اداره ثبت اسناد و املاک ناحیه یک رشت

حوزه ثبت ملک ناحیه دو رشت آگهی موضوع ماده ۳ و ۱۳ آئین نامه قانون تعیین تکلیف وضعیت ثبتی اراضی و ساختمانهای فاقد سند رسمی برابر رای شماره ۱۴۰۴۶۰۳۱۸۰۰۶۰۳۴۲۳۷ مورخ ۱۴۰۴/۰۸/۲۰ هیات موضوع قانون تعیین و تکلیف وضعیت ثبتی اراضی و ساختمانهای فاقد سند رسمی مستقر در واحد ثبتی حوزه ثبت ملک ناحیه دو رشت تصرفات مالکانه بلامعارض صدیقه خسرم کهر فرزند علی به میزان سه دانگ مشاع از ششدانگ یک قطعه زمین مشتمل بر بنای احداثی به مساحت ۱۲۴/۵۴ مترمربع به شماره پلاک فرعی ۶۷۲۳ مفروز مجزی از پلاک ۱۷ از اصلی ۳۹ واقع در قریه پیله داربن بخش چهار رشت خریداری مع الواسطه از مالک رسمی محمد رهنمای گوکانی محرز گردیده است. لذا به منظور اطلاع عموم مراتب در دو نوبت به فاصله ۱۵ روز آگهی می شود در صورتی که اشخاص نسبت به صدور سند مالکیت متقاضی اعتراضی داشته باشند می توانند از تاریخ انتشار اولین آگهی به مدت دو ماه اعتراض خود را به این اداره تسلیم و پس از اخذ رسید ظرف مدت یک ماه از تاریخ تسلیم اعتراض دادخواست خود را به مراجع قضایی تقدیم نمایند. بدیهی است در صورت انقضای مدت مذکور و عدم وصول اعتراض طبق مقررات سند مالکیت صادر خواهد شد. م الف ۶۳۹۵ شناسه آگهی ۲۰۹۱۷۲۸ تاریخ انتشار نوبت اول: ۱۴۰۴/۱۰/۲۲ تاریخ انتشار نوبت دوم: ۱۴۰۴/۱۱/۰۷

غلامعلی زاده رودکی رییس اداره ثبت اسناد و املاک ناحیه دو رشت

حوزه ثبت ملک ناحیه دو رشت آگهی موضوع ماده ۳ و ۱۳ آئین نامه قانون تعیین تکلیف وضعیت ثبتی اراضی و ساختمانهای فاقد سند رسمی برابر رای شماره ۱۴۰۴۶۰۳۱۸۰۰۶۰۳۴۷۳۶ مورخ ۱۴۰۴/۰۸/۲۵ هیات موضوع قانون تعیین و تکلیف وضعیت ثبتی اراضی و ساختمانهای فاقد سند رسمی مستقر در واحد ثبتی حوزه ثبت ملک ناحیه دو رشت تصرفات مالکانه بلامعارض محمدرضا اسماعیل زاده مقدم فرزند صفر به میزان سه دانگ مشاع از ششدانگ یک قطعه زمین مشتمل بر بنای احداثی به مساحت ۱۲۴/۵۴ مترمربع به شماره پلاک فرعی ۶۷۲۳ مفروز مجزی از پلاک ۱۷ از اصلی ۳۹ واقع در قریه پیله داربن بخش چهار رشت خریداری مع الواسطه از مالک رسمی محمد رهنمای گوکانی محرز گردیده است. لذا به منظور اطلاع عموم مراتب در دو نوبت به فاصله ۱۵ روز آگهی می شود در صورتی که اشخاص نسبت به صدور سند مالکیت متقاضی اعتراضی داشته باشند می توانند از تاریخ انتشار اولین آگهی به مدت دو ماه اعتراض خود را به این اداره تسلیم و پس از اخذ رسید ظرف مدت یک ماه از تاریخ تسلیم اعتراض دادخواست خود را به مراجع قضایی تقدیم نمایند. بدیهی است در صورت انقضای مدت مذکور و عدم وصول اعتراض طبق مقررات سند مالکیت صادر خواهد شد. م الف ۶۳۹۶ شناسه آگهی ۲۰۹۱۷۷۰ تاریخ انتشار نوبت اول: ۱۴۰۴/۱۰/۲۲ تاریخ انتشار نوبت دوم: ۱۴۰۴/۱۱/۰۷

غلامعلی زاده رودکی رییس اداره ثبت اسناد و املاک ناحیه دو رشت

حوزه ثبت ملک ناحیه دو رشت آگهی موضوع ماده ۳ و ۱۳ آئین نامه قانون تعیین تکلیف وضعیت ثبتی اراضی و ساختمانهای فاقد سند رسمی برابر رای مندرج در پرونده ثبتی هیات موضوع قانون تعیین و تکلیف وضعیت ثبتی اراضی و ساختمانهای فاقد سند رسمی مستقر در واحد ثبتی حوزه ثبت ملک ناحیه دو رشت تصرفات مالکانه بلامعارض آقای حسین یوسفی فرزند رضا به میزان ششدانگ یک قطعه زمین مشتمل بر بنای احداثی به مساحت ۲۲۰/۶۰ مترمربع پلاک فرعی ۱۹۷ مفروز از پلاک ۳۵ از اصلی ۵۰ واقع در قریه توسعوتان بخش چهار رشت خریداری مع الواسطه از مالک رسمی آقای رضا یوسفی محرز گردیده است. لذا به منظور اطلاع عموم مراتب در دو نوبت به فاصله ۱۵ روز آگهی می شود در صورتی که اشخاص نسبت به صدور سند مالکیت متقاضی اعتراضی داشته باشند می توانند از تاریخ انتشار اولین آگهی به مدت دو ماه اعتراض خود را به این اداره تسلیم و پس از اخذ رسید ظرف مدت یک ماه از تاریخ تسلیم اعتراض دادخواست خود را به مراجع قضایی تقدیم نمایند. بدیهی است در صورت انقضای مدت مذکور و عدم وصول اعتراض طبق مقررات سند مالکیت صادر خواهد شد. م الف ۶۴۰۸ شناسه آگهی ۲۰۹۱۷۳۲ تاریخ انتشار نوبت اول: ۱۴۰۴/۱۰/۲۲ تاریخ انتشار نوبت دوم: ۱۴۰۴/۱۱/۰۷

غلامعلی زاده رودکی رییس اداره ثبت اسناد و املاک ناحیه دو رشت

حوزه ثبت ملک ناحیه دو رشت آگهی موضوع ماده ۳ و ۱۳ آئین نامه قانون تعیین تکلیف وضعیت ثبتی اراضی و ساختمانهای فاقد سند رسمی برابر رای شماره ۱۴۰۴۶۰۳۱۸۰۰۶۰۳۲۳۸۸ مورخ ۱۴۰۴/۰۷/۲۶ هیات موضوع قانون تعیین و تکلیف وضعیت ثبتی اراضی و ساختمانهای فاقد سند رسمی مستقر در واحد ثبتی حوزه ثبت ملک ناحیه دو رشت تصرفات مالکانه بلامعارض آقای عباس سوری فرزند مراد علی به میزان ششدانگ یک باب خانه به مساحت ۲۹۹/۰۱ مترمربع به شماره پلاک فرعی ۱۲۵ مفروز مجزی از پلاک ۴۹ از اصلی ۲۵ واقع در قریه صیقلان ورزل بخش چهار رشت خریداری مع الواسطه از مالک رسمی آقای حسن آقا موسوی محرز گردیده است. لذا به منظور اطلاع عموم مراتب در دو نوبت به فاصله ۱۵ روز آگهی می شود در صورتی که اشخاص نسبت به صدور سند مالکیت متقاضی اعتراضی داشته باشند می توانند از تاریخ انتشار اولین آگهی به مدت دو ماه اعتراض خود را به این اداره تسلیم و پس از اخذ رسید ظرف مدت یک ماه از تاریخ تسلیم اعتراض دادخواست خود را به مراجع قضایی تقدیم نمایند. بدیهی است در صورت انقضای مدت مذکور و عدم وصول اعتراض طبق مقررات سند مالکیت صادر خواهد شد. م الف ۶۳۹۱ شناسه آگهی ۲۰۹۱۶۶۰ تاریخ انتشار نوبت اول: ۱۴۰۴/۱۰/۲۲ تاریخ انتشار نوبت دوم: ۱۴۰۴/۱۱/۰۷

غلامعلی زاده رودکی رییس اداره ثبت اسناد و املاک ناحیه دو رشت

حوزه ثبت ملک ناحیه دو رشت آگهی موضوع ماده ۳ و ۱۳ آئین نامه قانون تعیین تکلیف وضعیت ثبتی اراضی و ساختمانهای فاقد سند رسمی برابر رای مندرج در پرونده ثبتی هیات موضوع قانون تعیین و تکلیف وضعیت ثبتی اراضی و ساختمانهای فاقد سند رسمی مستقر در واحد ثبتی حوزه ثبت ملک ناحیه دو رشت تصرفات مالکانه بلامعارض آقای مرتضی انصاری نیا فرزند حسن به میزان ششدانگ یک قطعه زمین مشتمل بر بنای احداثی به مساحت ۱۸۰/۲۵ مترمربع پلاک فرعی ۱۹۷۰۶ مفروز از پلاک ۱۱ از اصلی ۹ واقع در قریه پسیخان بخش چهار رشت خریداری مع الواسطه از مالک رسمی آقای حسن انصاری نیا محرز گردیده است. لذا به منظور اطلاع عموم مراتب در دو نوبت به فاصله ۱۵ روز آگهی می شود در صورتی که اشخاص نسبت به صدور سند مالکیت متقاضی اعتراضی داشته باشند می توانند از تاریخ انتشار اولین آگهی به مدت دو ماه اعتراض خود را به این اداره تسلیم و پس از اخذ رسید ظرف مدت یک ماه از تاریخ تسلیم اعتراض دادخواست خود را به مراجع قضایی تقدیم نمایند. بدیهی است در صورت انقضای مدت مذکور و عدم وصول اعتراض طبق مقررات سند مالکیت صادر خواهد شد. م الف ۶۴۰۱ شناسه آگهی ۲۰۹۱۹۰۳ تاریخ انتشار نوبت اول: ۱۴۰۴/۱۰/۲۲ تاریخ انتشار نوبت دوم: ۱۴۰۴/۱۱/۰۷

غلامعلی زاده رودکی رییس اداره ثبت اسناد و املاک ناحیه دو رشت

آگهی اختصاصی موضوع قانون تعیین تکلیف وضعیت ثبتی اراضی و ساختمان های فاقد سند رسمی برابر آرای صادره هیات اول موضوع قانون تعیین تکلیف برابر رای شماره ۱۴۰۴۶۰۳۱۸۰۲۰۲۰۰۳۹۹۶ مورخ ۱۴۰۴/۰۷/۱۰ متقاضی آقای علیرضا رامش فرزند رحیم به کد ملی ۰۰۶۱۱۴۲۲۹۶ در ششدانگ یک قطعه زمین با بنای احداثی به مساحت ۱۳۲ مترمربع از پلاک ۳۴ فرعی از ۱۴۶ اصلی واقع در بخش ۷ حوزه ثبت ملک کتول قسمتی از پلاک ۳۴ اصلی خریداری از مالکیت رسمی آقای رحمن کاردانی محرز گردیده است. لذا به منظور اطلاع عموم مراتب در دو نوبت به فاصله ۱۵ روز آگهی میشود در صورتی که اشخاص نسبت به صدور سند مالکیت متقاضی اعتراضی داشته باشند میتوانند از تاریخ انتشار اولین آگهی به مدت دو ماه اعتراض خود را به این اداره تسلیم و پس از اخذ رسید ظرف مدت یک ماه از تاریخ تسلیم اعتراض دادخواست خود را به مراجع ذیصلاح قضائی تقدیم نمایند. بدیهی است در صورت انقضای مدت مذکور و عدم وصول اعتراض طبق مقررات سند مالکیت صادر خواهد شد. م الف: ۱۱۶۲ تاریخ انتشار نوبت اول: ۱۴۰۴/۱۰/۲۳ تاریخ انتشار نوبت دوم: ۱۴۰۴/۱۱/۰۸

مجتبی گلچین رئیس اداره ثبت اسناد و املاک علی آباد کتول
